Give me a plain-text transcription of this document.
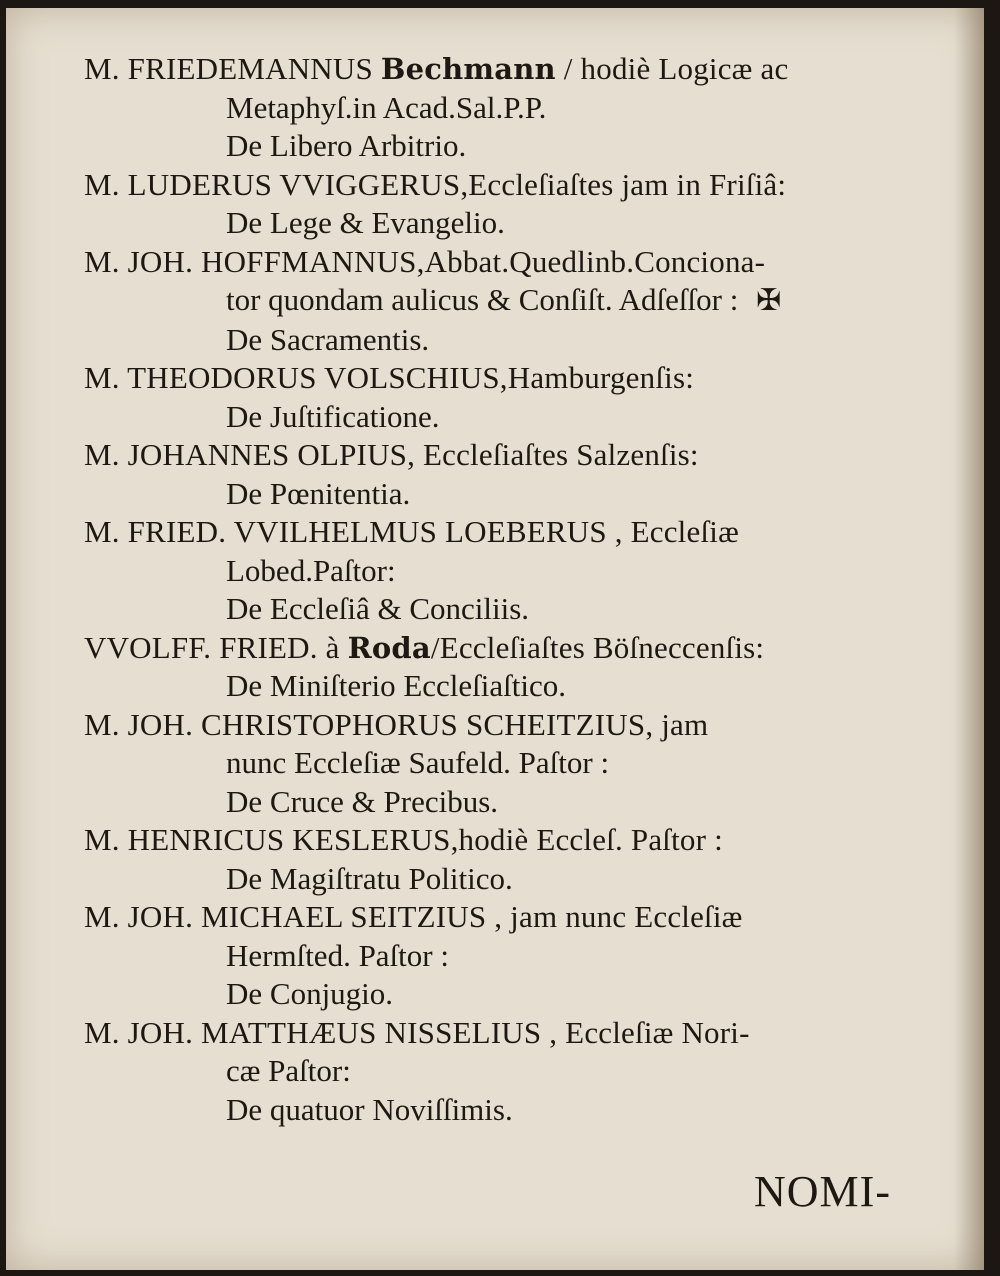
M. FRIEDEMANNUS Bechmann / hodiè Logicæ ac
Metaphyſ.in Acad.Sal.P.P.
De Libero Arbitrio.
M. LUDERUS VVIGGERUS,Eccleſiaſtes jam in Friſiâ:
De Lege & Evangelio.
M. JOH. HOFFMANNUS,Abbat.Quedlinb.Conciona-
tor quondam aulicus & Conſiſt. Adſeſſor : ✠
De Sacramentis.
M. THEODORUS VOLSCHIUS,Hamburgenſis:
De Juſtificatione.
M. JOHANNES OLPIUS, Eccleſiaſtes Salzenſis:
De Pœnitentia.
M. FRIED. VVILHELMUS LOEBERUS , Eccleſiæ
Lobed.Paſtor:
De Eccleſiâ & Conciliis.
VVOLFF. FRIED. à Roda/Eccleſiaſtes Böſneccenſis:
De Miniſterio Eccleſiaſtico.
M. JOH. CHRISTOPHORUS SCHEITZIUS, jam
nunc Eccleſiæ Saufeld. Paſtor :
De Cruce & Precibus.
M. HENRICUS KESLERUS,hodiè Eccleſ. Paſtor :
De Magiſtratu Politico.
M. JOH. MICHAEL SEITZIUS , jam nunc Eccleſiæ
Hermſted. Paſtor :
De Conjugio.
M. JOH. MATTHÆUS NISSELIUS , Eccleſiæ Nori-
cæ Paſtor:
De quatuor Noviſſimis.
NOMI-
